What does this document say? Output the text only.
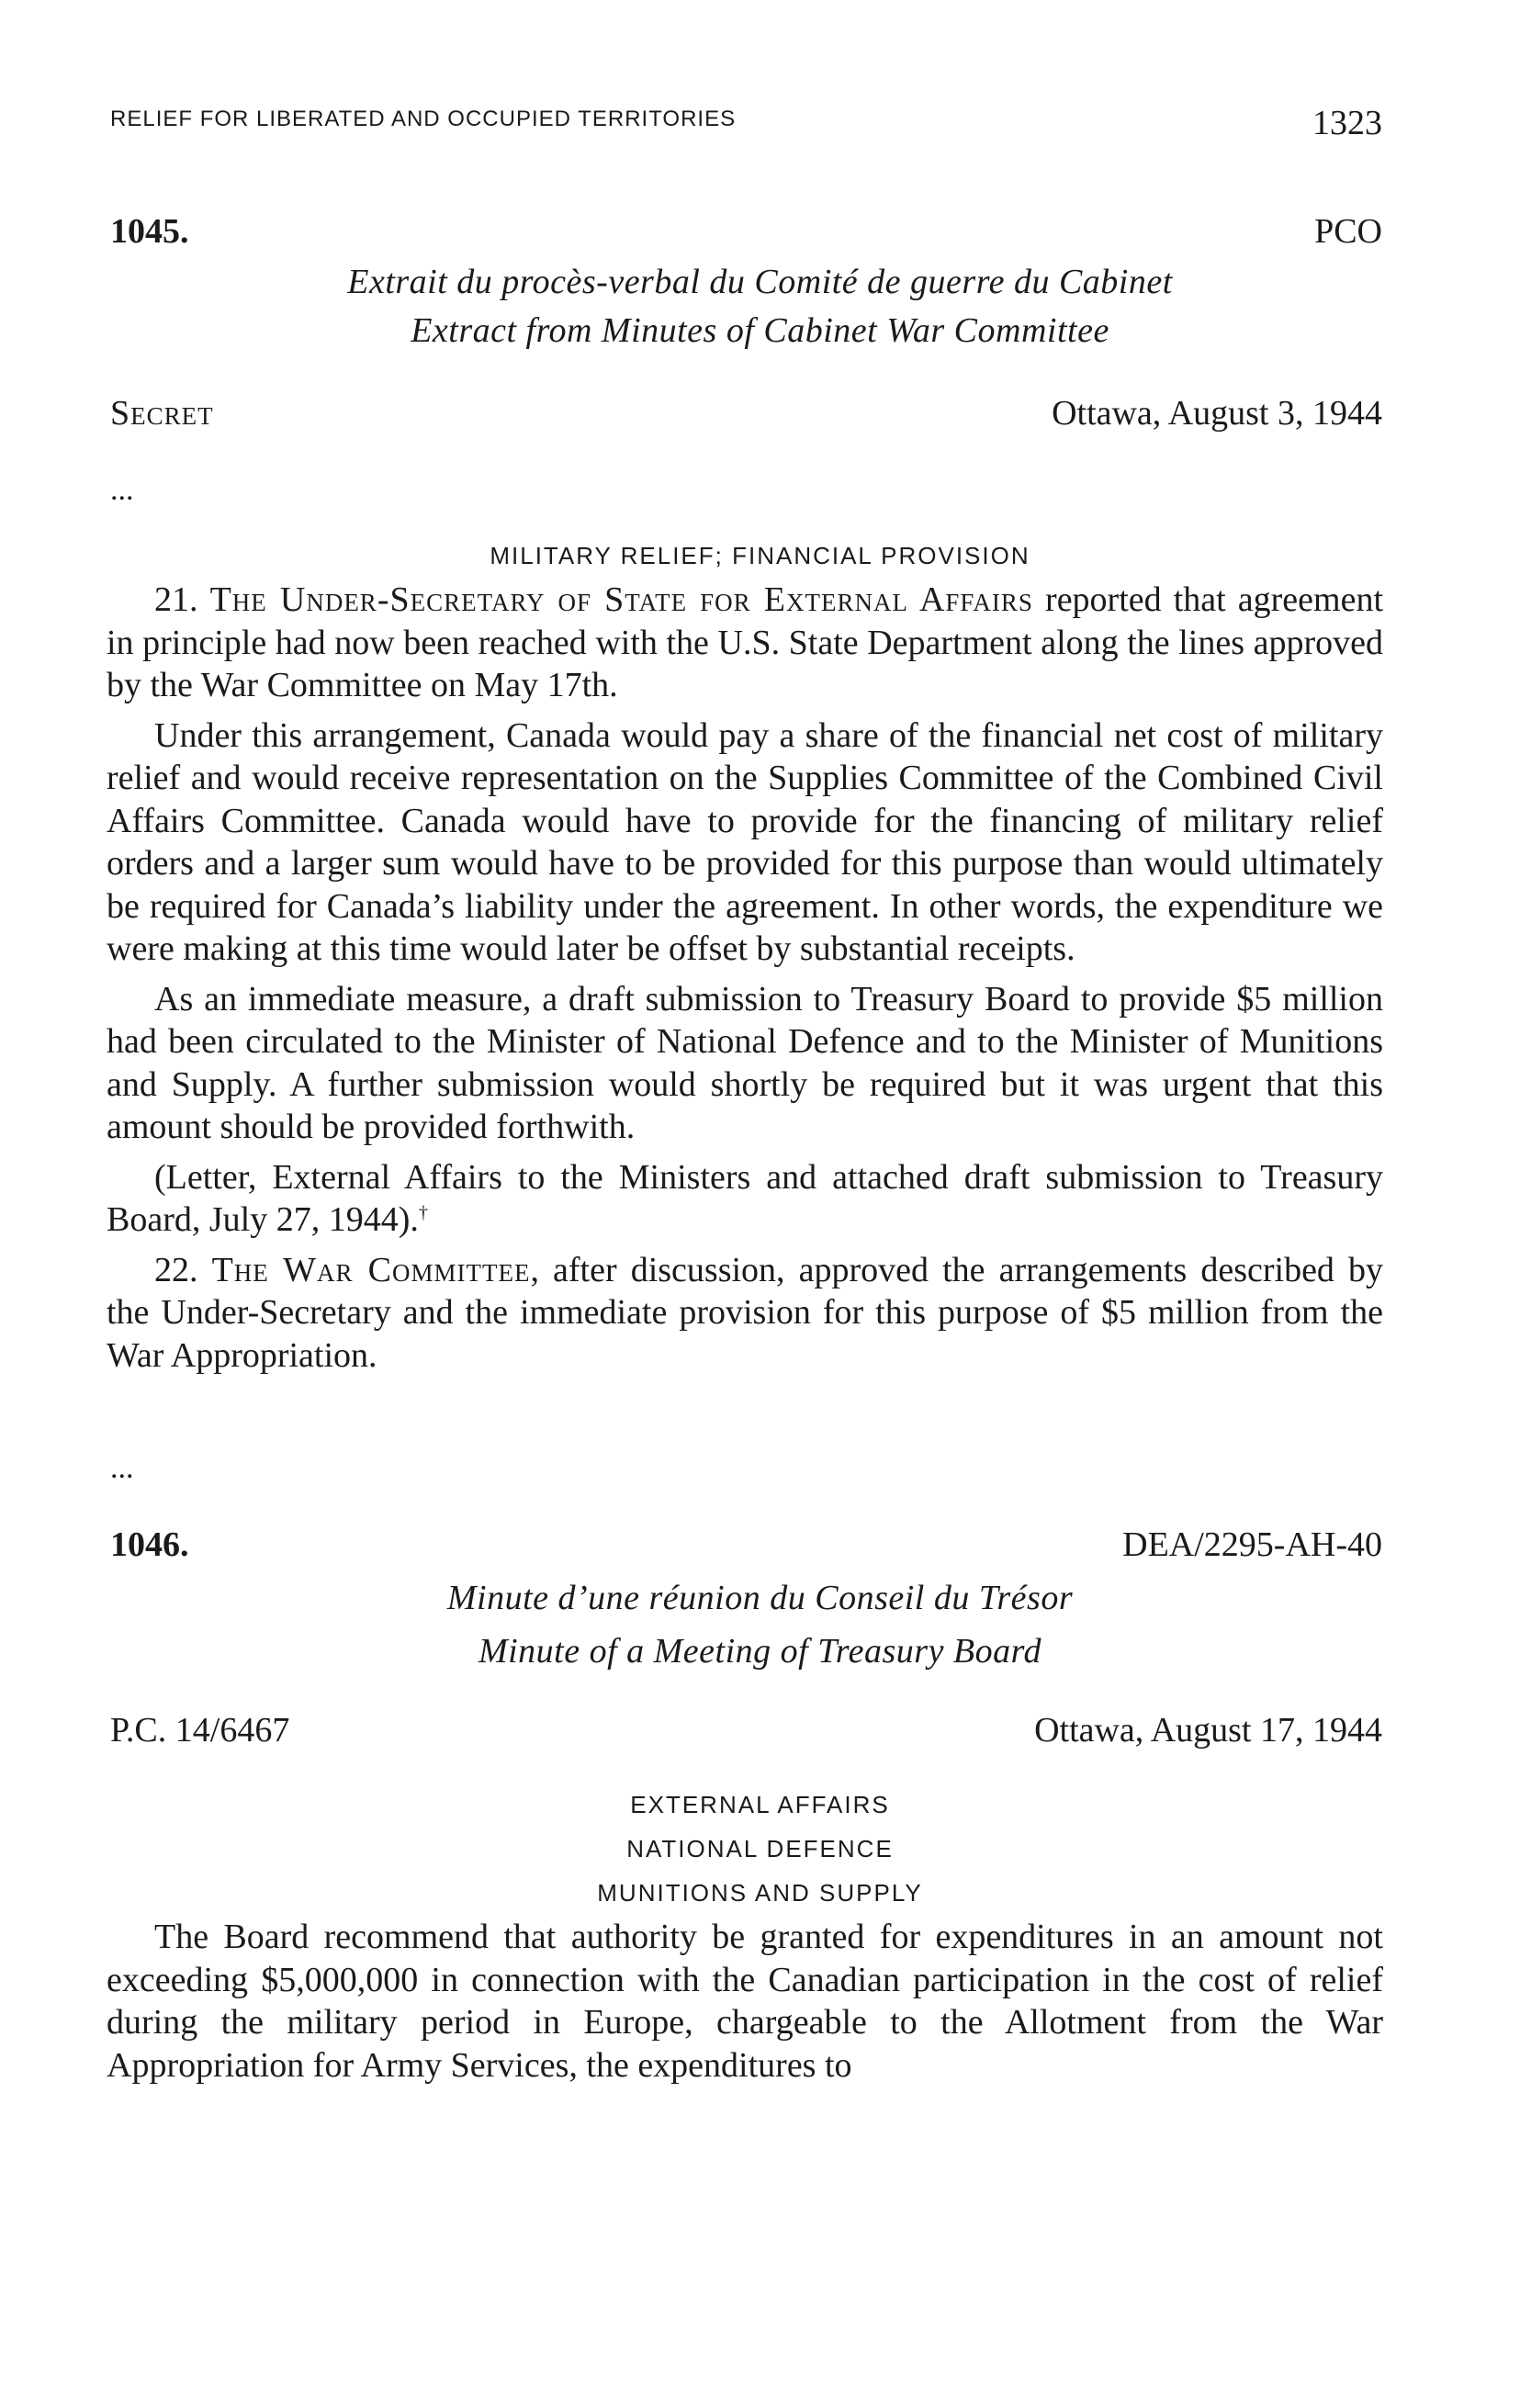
RELIEF FOR LIBERATED AND OCCUPIED TERRITORIES	1323
1045.	PCO
Extrait du procès-verbal du Comité de guerre du Cabinet
Extract from Minutes of Cabinet War Committee
Secret	Ottawa, August 3, 1944
...
MILITARY RELIEF; FINANCIAL PROVISION

21. The Under-Secretary of State for External Affairs reported that agreement in principle had now been reached with the U.S. State Department along the lines approved by the War Committee on May 17th.

Under this arrangement, Canada would pay a share of the financial net cost of military relief and would receive representation on the Supplies Committee of the Combined Civil Affairs Committee. Canada would have to provide for the financing of military relief orders and a larger sum would have to be provided for this purpose than would ultimately be required for Canada’s liability under the agreement. In other words, the expenditure we were making at this time would later be offset by substantial receipts.

As an immediate measure, a draft submission to Treasury Board to provide $5 million had been circulated to the Minister of National Defence and to the Minister of Munitions and Supply. A further submission would shortly be required but it was urgent that this amount should be provided forthwith.

(Letter, External Affairs to the Ministers and attached draft submission to Treasury Board, July 27, 1944).†

22. The War Committee, after discussion, approved the arrangements described by the Under-Secretary and the immediate provision for this purpose of $5 million from the War Appropriation.

...
1046.	DEA/2295-AH-40
Minute d’une réunion du Conseil du Trésor
Minute of a Meeting of Treasury Board
P.C. 14/6467	Ottawa, August 17, 1944
EXTERNAL AFFAIRS
NATIONAL DEFENCE
MUNITIONS AND SUPPLY

The Board recommend that authority be granted for expenditures in an amount not exceeding $5,000,000 in connection with the Canadian participation in the cost of relief during the military period in Europe, chargeable to the Allotment from the War Appropriation for Army Services, the expenditures to
